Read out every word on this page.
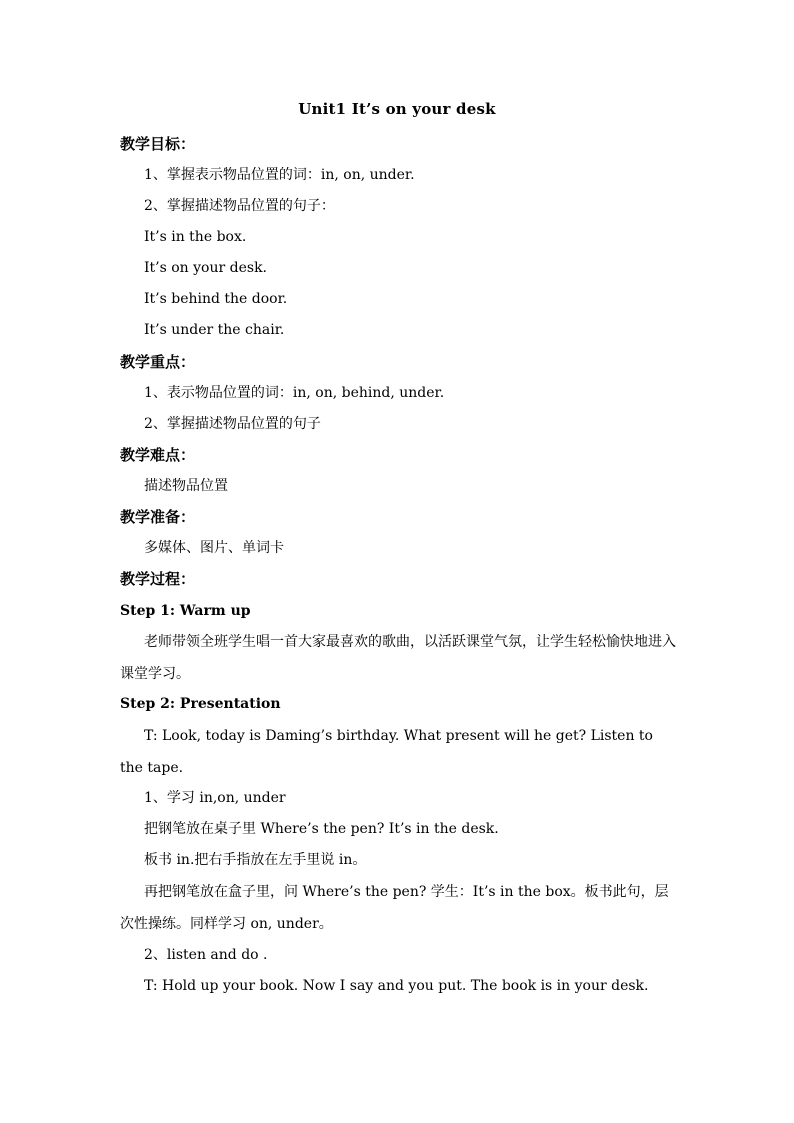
Unit1 It’s on your desk
教学目标：
1、掌握表示物品位置的词：in, on, under.
2、掌握描述物品位置的句子：
It’s in the box.
It’s on your desk.
It’s behind the door.
It’s under the chair.
教学重点：
1、表示物品位置的词：in, on, behind, under.
2、掌握描述物品位置的句子
教学难点：
描述物品位置
教学准备：
多媒体、图片、单词卡
教学过程：
Step 1: Warm up
老师带领全班学生唱一首大家最喜欢的歌曲，以活跃课堂气氛，让学生轻松愉快地进入课堂学习。
Step 2: Presentation
T: Look, today is Daming’s birthday. What present will he get? Listen to the tape.
1、学习 in,on, under
把钢笔放在桌子里 Where’s the pen? It’s in the desk.
板书 in.把右手指放在左手里说 in。
再把钢笔放在盒子里，问 Where’s the pen? 学生：It’s in the box。板书此句，层次性操练。同样学习 on, under。
2、listen and do .
T: Hold up your book. Now I say and you put. The book is in your desk.
